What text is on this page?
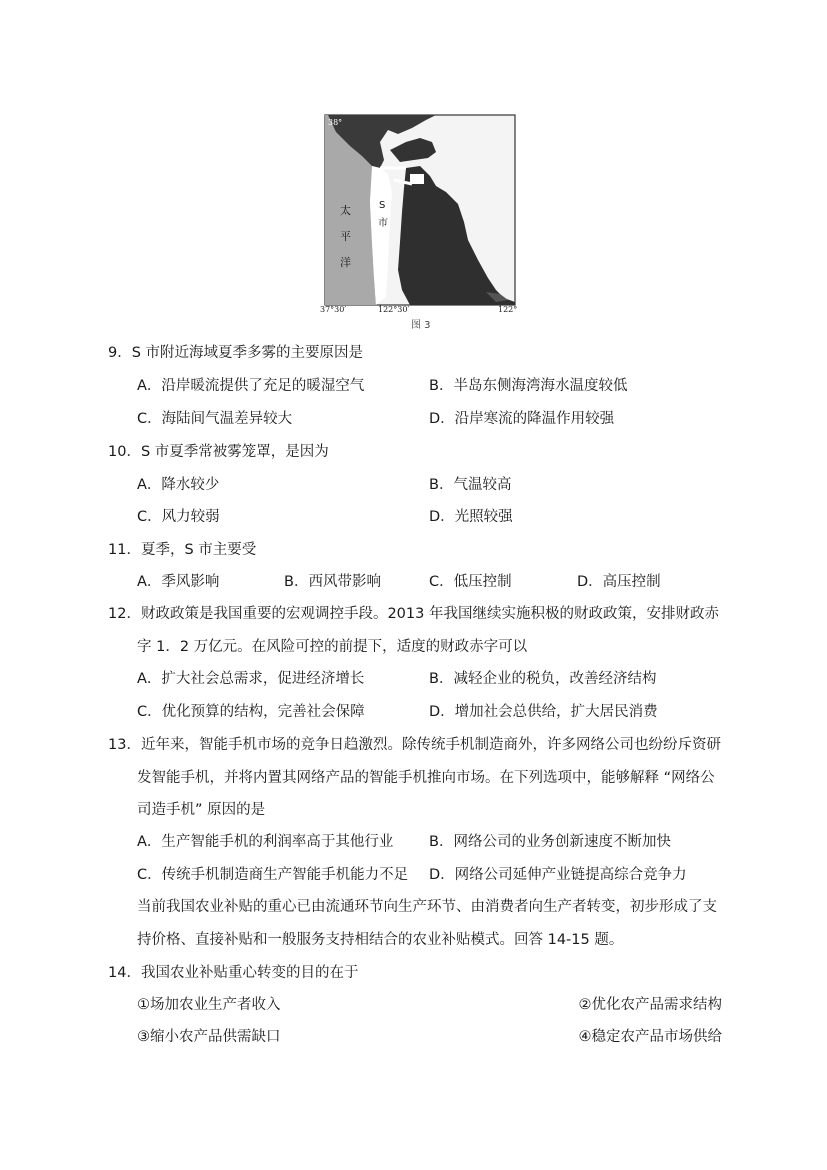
38°
37°30′	122°30′	122°
太
平
洋
S
市
图 3
9．S 市附近海域夏季多雾的主要原因是
A．沿岸暖流提供了充足的暖湿空气	B．半岛东侧海湾海水温度较低
C．海陆间气温差异较大	D．沿岸寒流的降温作用较强
10．S 市夏季常被雾笼罩，是因为
A．降水较少	B．气温较高
C．风力较弱	D．光照较强
11．夏季，S 市主要受
A．季风影响	B．西风带影响	C．低压控制	D．高压控制
12．财政政策是我国重要的宏观调控手段。2013 年我国继续实施积极的财政政策，安排财政赤
字 1．2 万亿元。在风险可控的前提下，适度的财政赤字可以
A．扩大社会总需求，促进经济增长	B．减轻企业的税负，改善经济结构
C．优化预算的结构，完善社会保障	D．增加社会总供给，扩大居民消费
13．近年来，智能手机市场的竞争日趋激烈。除传统手机制造商外，许多网络公司也纷纷斥资研
发智能手机，并将内置其网络产品的智能手机推向市场。在下列选项中，能够解释 “网络公
司造手机” 原因的是
A．生产智能手机的利润率高于其他行业 B．网络公司的业务创新速度不断加快
C．传统手机制造商生产智能手机能力不足 D．网络公司延伸产业链提高综合竞争力
当前我国农业补贴的重心已由流通环节向生产环节、由消费者向生产者转变，初步形成了支
持价格、直接补贴和一般服务支持相结合的农业补贴模式。回答 14-15 题。
14．我国农业补贴重心转变的目的在于
①场加农业生产者收入	②优化农产品需求结构
③缩小农产品供需缺口	④稳定农产品市场供给
